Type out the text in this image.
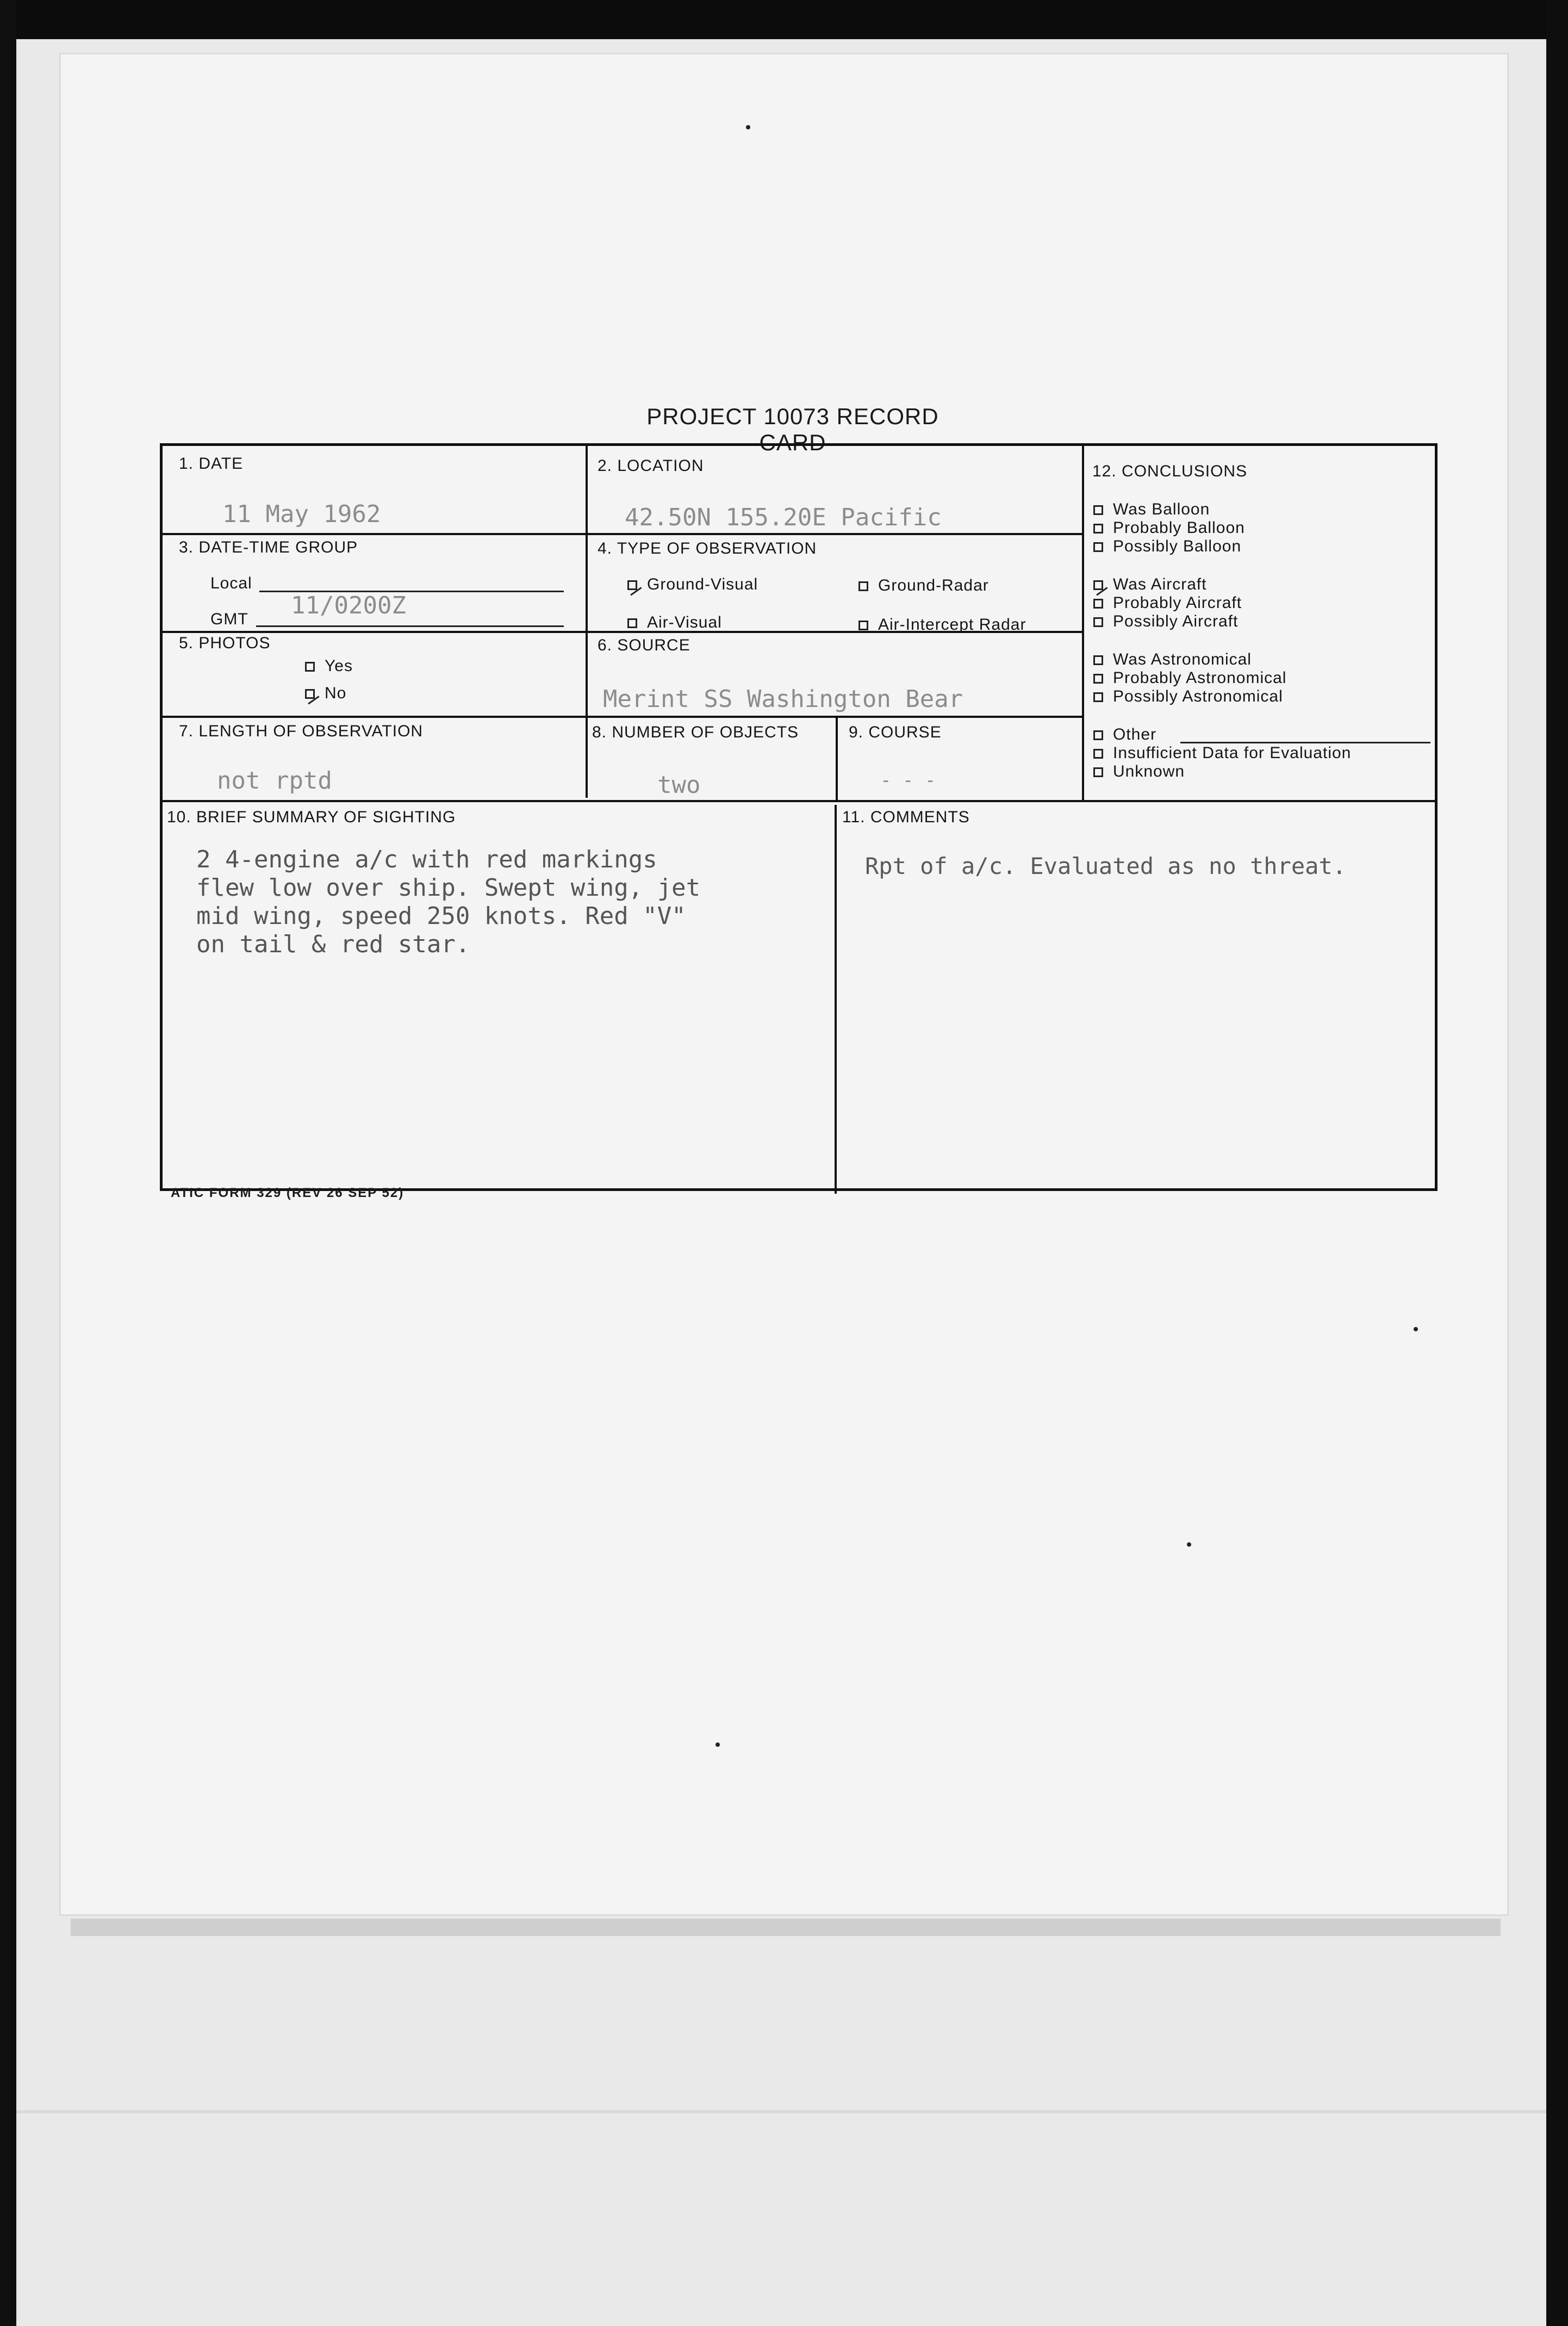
PROJECT 10073 RECORD CARD
1. DATE
11 May 1962
2. LOCATION
42.50N 155.20E Pacific
3. DATE-TIME GROUP
Local
GMT 11/0200Z
4. TYPE OF OBSERVATION
Ground-Visual	Ground-Radar
Air-Visual	Air-Intercept Radar
5. PHOTOS
Yes
No
6. SOURCE
Merint SS Washington Bear
7. LENGTH OF OBSERVATION
not rptd
8. NUMBER OF OBJECTS
two
9. COURSE
- - -
10. BRIEF SUMMARY OF SIGHTING
2 4-engine a/c with red markings
flew low over ship. Swept wing, jet
mid wing, speed 250 knots. Red "V"
on tail & red star.
11. COMMENTS
Rpt of a/c. Evaluated as no threat.
12. CONCLUSIONS
Was Balloon
Probably Balloon
Possibly Balloon
Was Aircraft
Probably Aircraft
Possibly Aircraft
Was Astronomical
Probably Astronomical
Possibly Astronomical
Other
Insufficient Data for Evaluation
Unknown
ATIC FORM 329 (REV 26 SEP 52)
